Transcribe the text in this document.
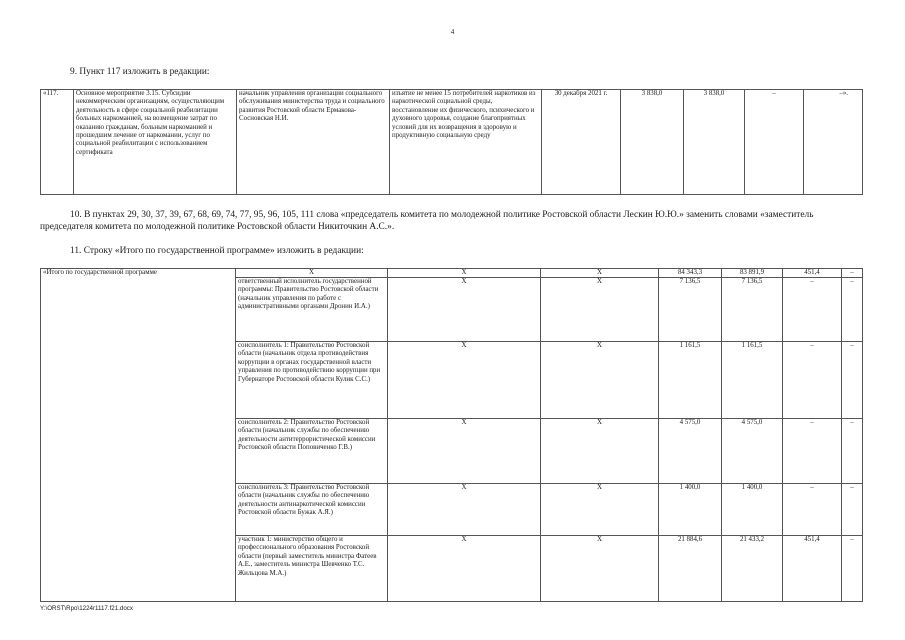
4
9. Пункт 117 изложить в редакции:
«117.	Основное мероприятие 3.15. Субсидии некоммерческим организациям, осуществляющим деятельность в сфере социальной реабилитации больных наркоманией, на возмещение затрат по оказанию гражданам, больным наркоманией и прошедшим лечение от наркомании, услуг по социальной реабилитации с использованием сертификата	начальник управления организации социального обслуживания министерства труда и социального развития Ростовской области Ермакова-Сосновская Н.И.	изъятие не менее 15 потребителей наркотиков из наркотической социальной среды, восстановление их физического, психического и духовного здоровья, создание благоприятных условий для их возвращения в здоровую и продуктивную социальную среду	30 декабря 2021 г.	3 838,0	3 838,0	–	–».
10. В пунктах 29, 30, 37, 39, 67, 68, 69, 74, 77, 95, 96, 105, 111 слова «председатель комитета по молодежной политике Ростовской области Лескин Ю.Ю.» заменить словами «заместитель председателя комитета по молодежной политике Ростовской области Никиточкин А.С.».
11. Строку «Итого по государственной программе» изложить в редакции:
«Итого по государственной программе	X	X	X	84 343,3	83 891,9	451,4	–
	ответственный исполнитель государственной программы: Правительство Ростовской области (начальник управления по работе с административными органами Дронин И.А.)	X	X	7 136,5	7 136,5	–	–
	соисполнитель 1: Правительство Ростовской области (начальник отдела противодействия коррупции в органах государственной власти управления по противодействию коррупции при Губернаторе Ростовской области Кулик С.С.)	X	X	1 161,5	1 161,5	–	–
	соисполнитель 2: Правительство Ростовской области (начальник службы по обеспечению деятельности антитеррористической комиссии Ростовской области Поповиченко Г.В.)	X	X	4 575,0	4 575,0	–	–
	соисполнитель 3: Правительство Ростовской области (начальник службы по обеспечению деятельности антинаркотической комиссии Ростовской области Бужак А.Я.)	X	X	1 400,0	1 400,0	–	–
	участник 1: министерство общего и профессионального образования Ростовской области (первый заместитель министра Фатеев А.Е., заместитель министра Шевченко Т.С. Жильцова М.А.)	X	X	21 884,6	21 433,2	451,4	–
Y:\ORST\Rpo\1224r1117.f21.docx
